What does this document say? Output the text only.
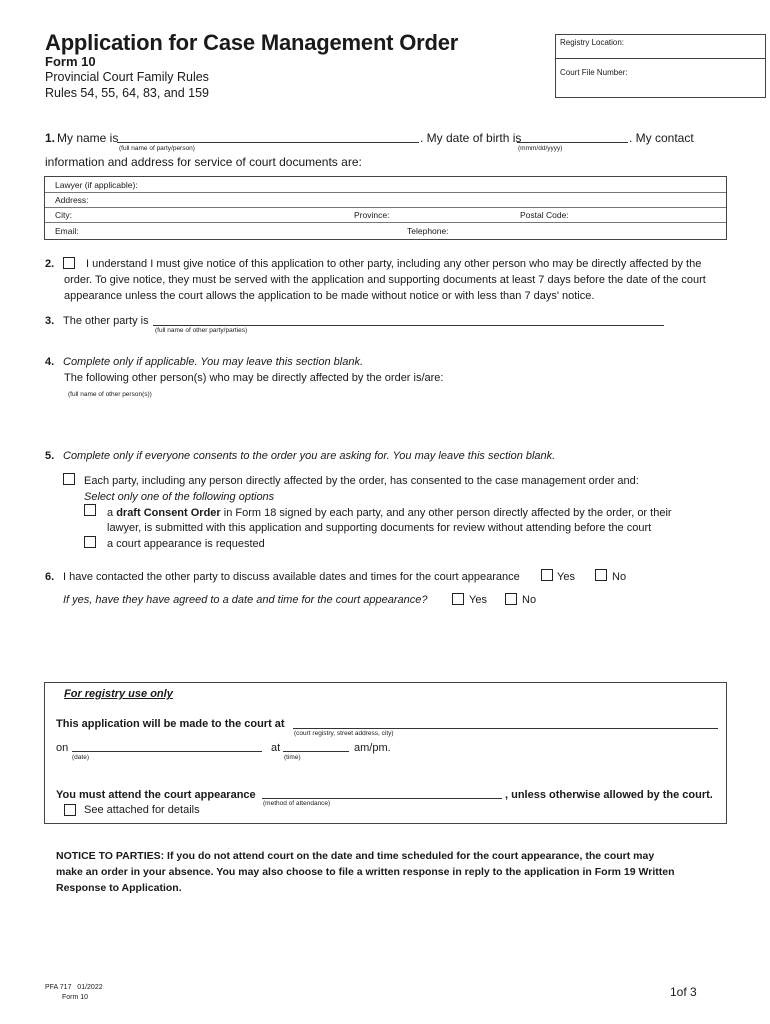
Application for Case Management Order
Form 10
Provincial Court Family Rules
Rules 54, 55, 64, 83, and 159
Registry Location:
Court File Number:
1. My name is
(full name of party/person)
. My date of birth is
(mmm/dd/yyyy)
. My contact
information and address for service of court documents are:
Lawyer (if applicable):
Address:
City:	Province:	Postal Code:
Email:	Telephone:
2.	I understand I must give notice of this application to other party, including any other person who may be directly affected by the
order. To give notice, they must be served with the application and supporting documents at least 7 days before the date of the court
appearance unless the court allows the application to be made without notice or with less than 7 days' notice.
3. The other party is
(full name of other party/parties)
4. Complete only if applicable. You may leave this section blank.
The following other person(s) who may be directly affected by the order is/are:
(full name of other person(s))
5. Complete only if everyone consents to the order you are asking for. You may leave this section blank.
Each party, including any person directly affected by the order, has consented to the case management order and:
Select only one of the following options
a draft Consent Order in Form 18 signed by each party, and any other person directly affected by the order, or their
lawyer, is submitted with this application and supporting documents for review without attending before the court
a court appearance is requested
6. I have contacted the other party to discuss available dates and times for the court appearance	Yes	No
If yes, have they have agreed to a date and time for the court appearance?	Yes	No
For registry use only
This application will be made to the court at
(court registry, street address, city)
on
(date)
at
(time)
am/pm.
You must attend the court appearance
(method of attendance)
, unless otherwise allowed by the court.
See attached for details
NOTICE TO PARTIES: If you do not attend court on the date and time scheduled for the court appearance, the court may
make an order in your absence. You may also choose to file a written response in reply to the application in Form 19 Written
Response to Application.
PFA 717   01/2022
Form 10	1of 3
